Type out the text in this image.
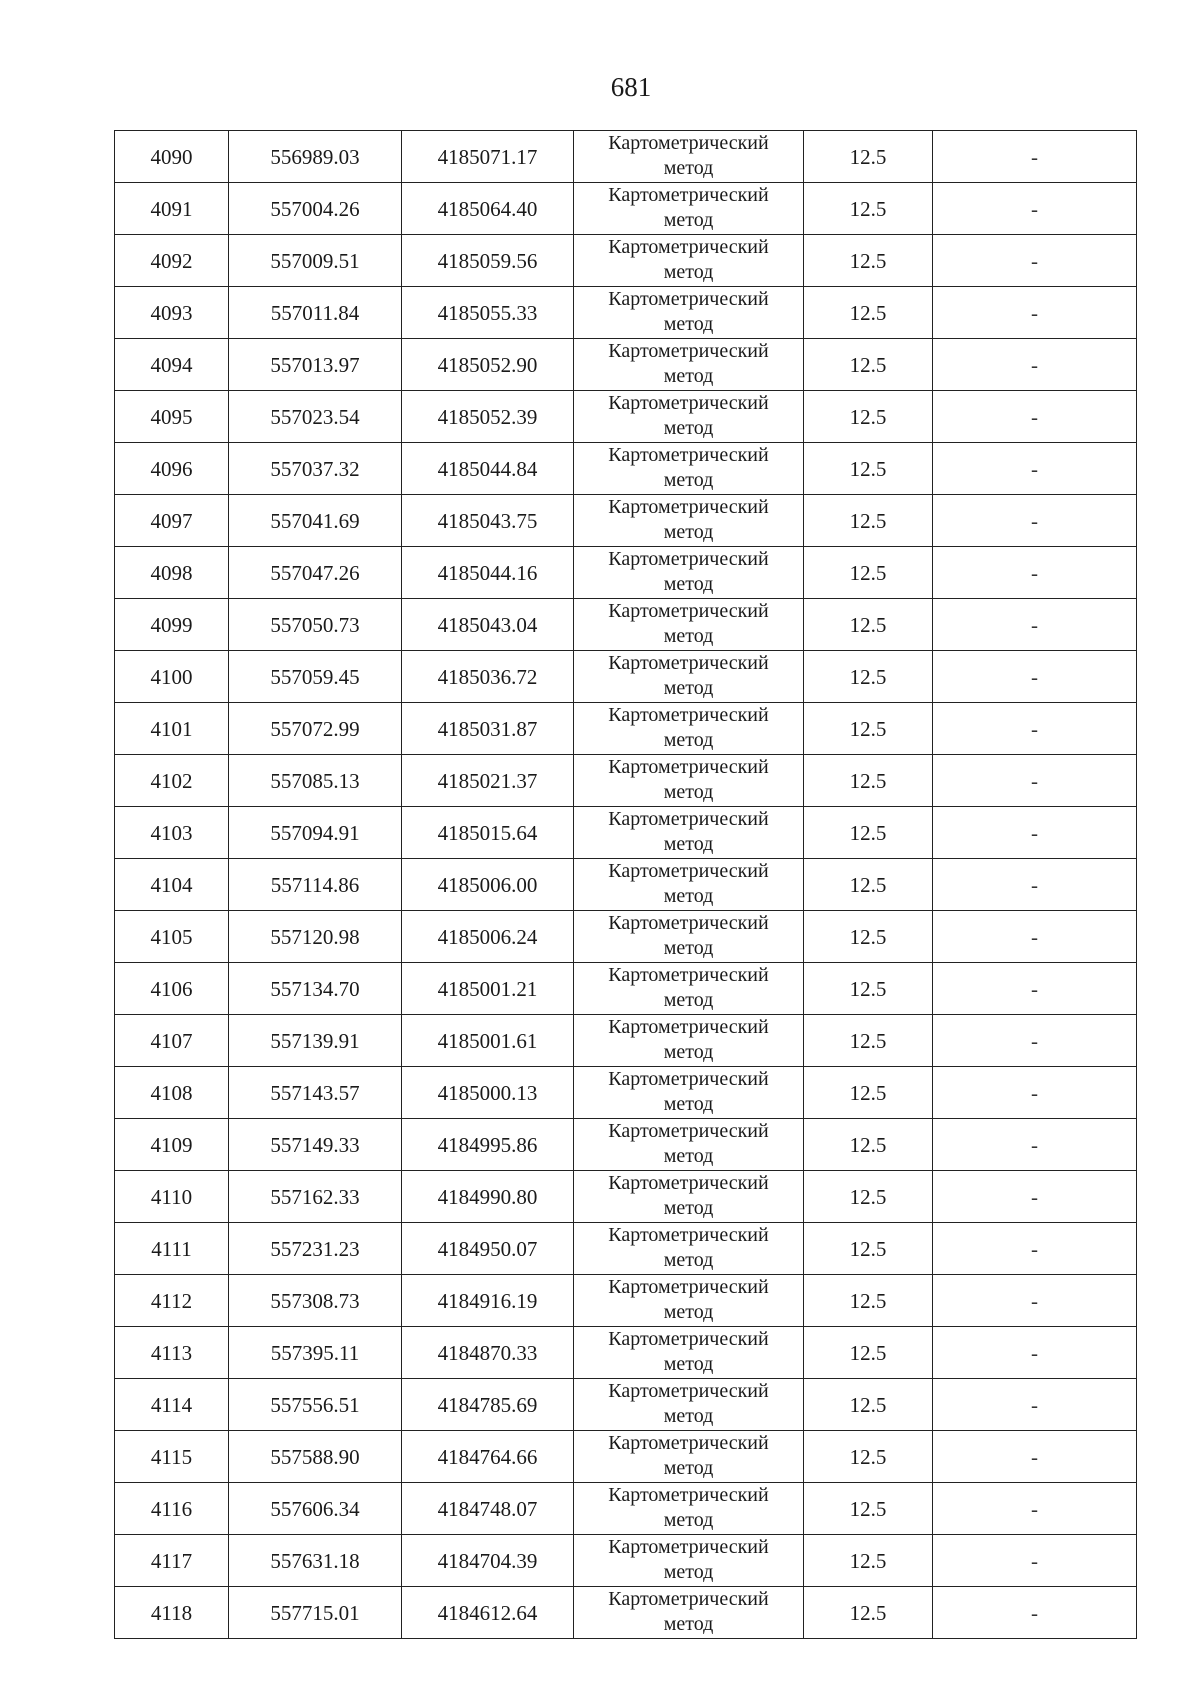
681
4090	556989.03	4185071.17	Картометрический
метод	12.5	-
4091	557004.26	4185064.40	Картометрический
метод	12.5	-
4092	557009.51	4185059.56	Картометрический
метод	12.5	-
4093	557011.84	4185055.33	Картометрический
метод	12.5	-
4094	557013.97	4185052.90	Картометрический
метод	12.5	-
4095	557023.54	4185052.39	Картометрический
метод	12.5	-
4096	557037.32	4185044.84	Картометрический
метод	12.5	-
4097	557041.69	4185043.75	Картометрический
метод	12.5	-
4098	557047.26	4185044.16	Картометрический
метод	12.5	-
4099	557050.73	4185043.04	Картометрический
метод	12.5	-
4100	557059.45	4185036.72	Картометрический
метод	12.5	-
4101	557072.99	4185031.87	Картометрический
метод	12.5	-
4102	557085.13	4185021.37	Картометрический
метод	12.5	-
4103	557094.91	4185015.64	Картометрический
метод	12.5	-
4104	557114.86	4185006.00	Картометрический
метод	12.5	-
4105	557120.98	4185006.24	Картометрический
метод	12.5	-
4106	557134.70	4185001.21	Картометрический
метод	12.5	-
4107	557139.91	4185001.61	Картометрический
метод	12.5	-
4108	557143.57	4185000.13	Картометрический
метод	12.5	-
4109	557149.33	4184995.86	Картометрический
метод	12.5	-
4110	557162.33	4184990.80	Картометрический
метод	12.5	-
4111	557231.23	4184950.07	Картометрический
метод	12.5	-
4112	557308.73	4184916.19	Картометрический
метод	12.5	-
4113	557395.11	4184870.33	Картометрический
метод	12.5	-
4114	557556.51	4184785.69	Картометрический
метод	12.5	-
4115	557588.90	4184764.66	Картометрический
метод	12.5	-
4116	557606.34	4184748.07	Картометрический
метод	12.5	-
4117	557631.18	4184704.39	Картометрический
метод	12.5	-
4118	557715.01	4184612.64	Картометрический
метод	12.5	-
